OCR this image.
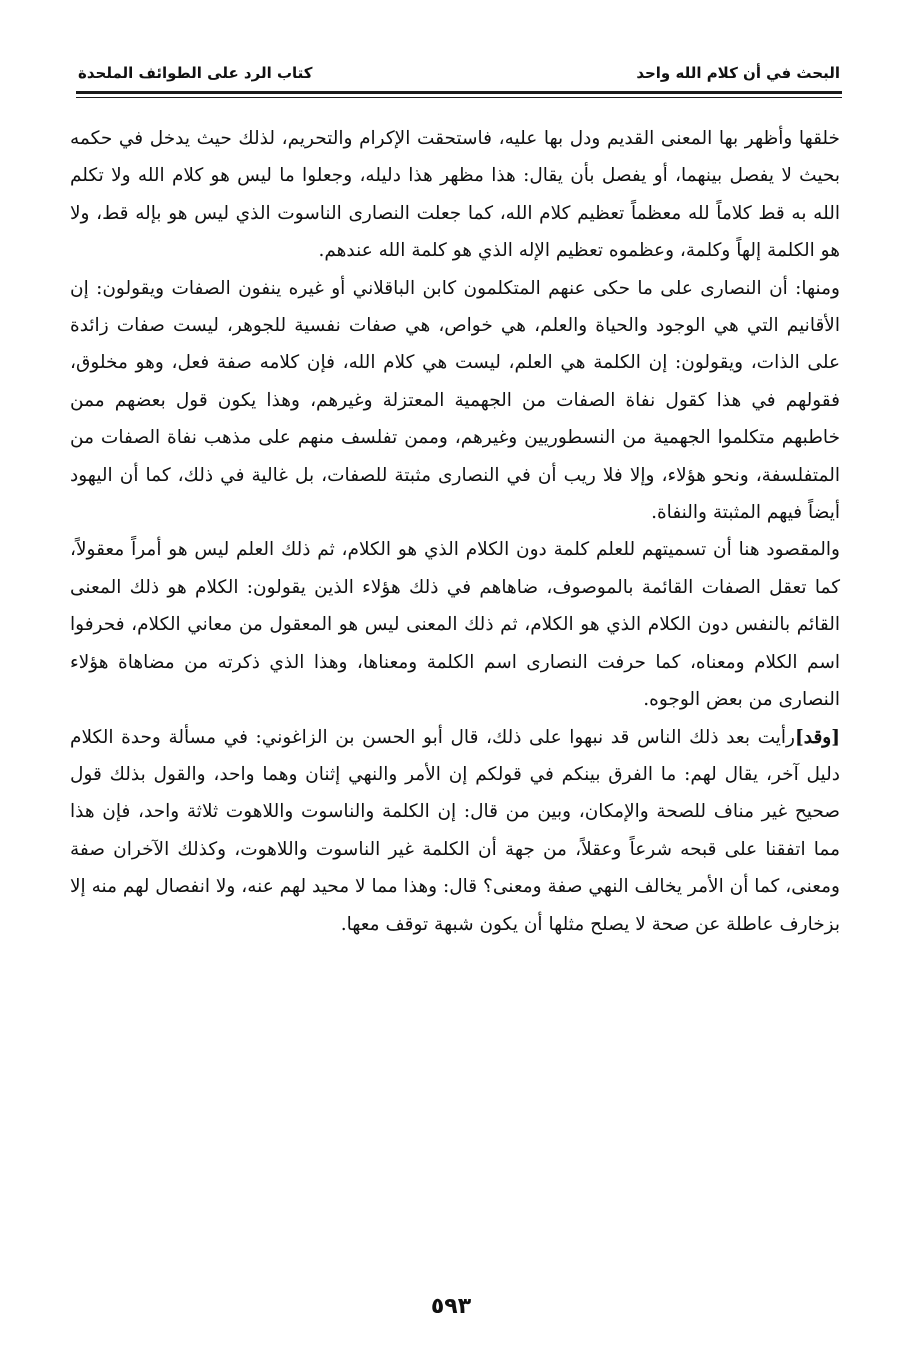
البحث في أن كلام الله واحد
كتاب الرد على الطوائف الملحدة

خلقها وأظهر بها المعنى القديم ودل بها عليه، فاستحقت الإكرام والتحريم، لذلك حيث يدخل في حكمه بحيث لا يفصل بينهما، أو يفصل بأن يقال: هذا مظهر هذا دليله، وجعلوا ما ليس هو كلام الله ولا تكلم الله به قط كلاماً لله معظماً تعظيم كلام الله، كما جعلت النصارى الناسوت الذي ليس هو بإله قط، ولا هو الكلمة إلهاً وكلمة، وعظموه تعظيم الإله الذي هو كلمة الله عندهم.

ومنها: أن النصارى على ما حكى عنهم المتكلمون كابن الباقلاني أو غيره ينفون الصفات ويقولون: إن الأقانيم التي هي الوجود والحياة والعلم، هي خواص، هي صفات نفسية للجوهر، ليست صفات زائدة على الذات، ويقولون: إن الكلمة هي العلم، ليست هي كلام الله، فإن كلامه صفة فعل، وهو مخلوق، فقولهم في هذا كقول نفاة الصفات من الجهمية المعتزلة وغيرهم، وهذا يكون قول بعضهم ممن خاطبهم متكلموا الجهمية من النسطوريين وغيرهم، وممن تفلسف منهم على مذهب نفاة الصفات من المتفلسفة، ونحو هؤلاء، وإلا فلا ريب أن في النصارى مثبتة للصفات، بل غالية في ذلك، كما أن اليهود أيضاً فيهم المثبتة والنفاة.

والمقصود هنا أن تسميتهم للعلم كلمة دون الكلام الذي هو الكلام، ثم ذلك العلم ليس هو أمراً معقولاً، كما تعقل الصفات القائمة بالموصوف، ضاهاهم في ذلك هؤلاء الذين يقولون: الكلام هو ذلك المعنى القائم بالنفس دون الكلام الذي هو الكلام، ثم ذلك المعنى ليس هو المعقول من معاني الكلام، فحرفوا اسم الكلام ومعناه، كما حرفت النصارى اسم الكلمة ومعناها، وهذا الذي ذكرته من مضاهاة هؤلاء النصارى من بعض الوجوه.

[وقد]رأيت بعد ذلك الناس قد نبهوا على ذلك، قال أبو الحسن بن الزاغوني: في مسألة وحدة الكلام دليل آخر، يقال لهم: ما الفرق بينكم في قولكم إن الأمر والنهي إثنان وهما واحد، والقول بذلك قول صحيح غير مناف للصحة والإمكان، وبين من قال: إن الكلمة والناسوت واللاهوت ثلاثة واحد، فإن هذا مما اتفقنا على قبحه شرعاً وعقلاً، من جهة أن الكلمة غير الناسوت واللاهوت، وكذلك الآخران صفة ومعنى، كما أن الأمر يخالف النهي صفة ومعنى؟ قال: وهذا مما لا محيد لهم عنه، ولا انفصال لهم منه إلا بزخارف عاطلة عن صحة لا يصلح مثلها أن يكون شبهة توقف معها.

٥٩٣
